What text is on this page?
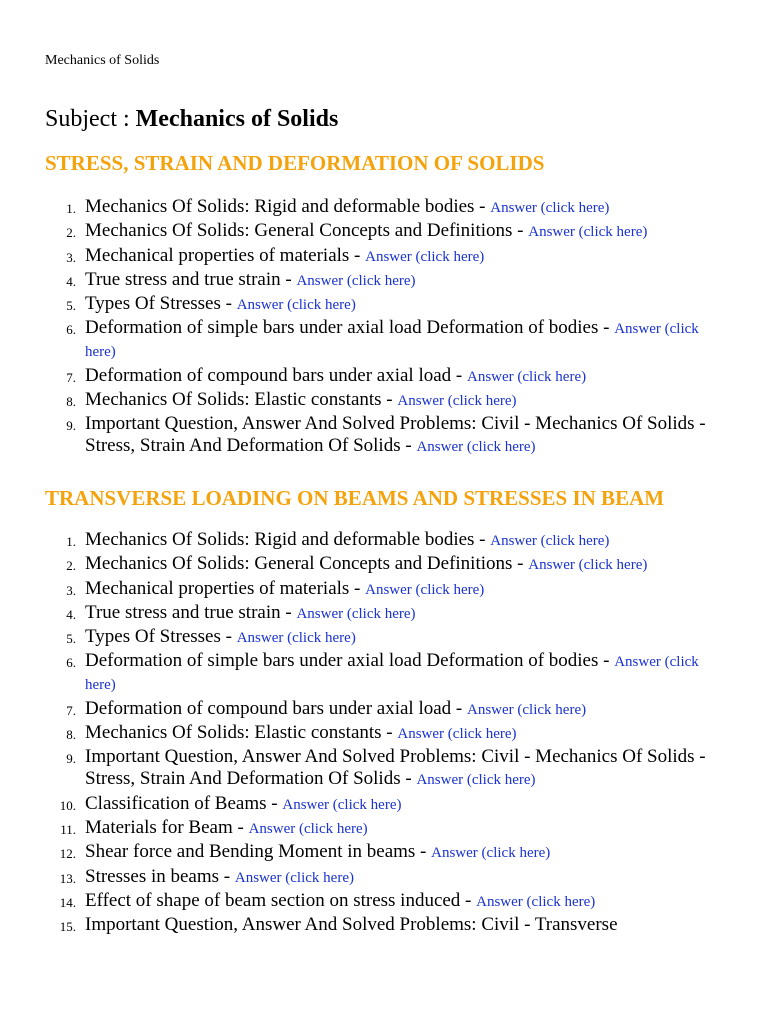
Mechanics of Solids
Subject : Mechanics of Solids
STRESS, STRAIN AND DEFORMATION OF SOLIDS
1. Mechanics Of Solids: Rigid and deformable bodies - Answer (click here)
2. Mechanics Of Solids: General Concepts and Definitions - Answer (click here)
3. Mechanical properties of materials - Answer (click here)
4. True stress and true strain - Answer (click here)
5. Types Of Stresses - Answer (click here)
6. Deformation of simple bars under axial load Deformation of bodies - Answer (click here)
7. Deformation of compound bars under axial load - Answer (click here)
8. Mechanics Of Solids: Elastic constants - Answer (click here)
9. Important Question, Answer And Solved Problems: Civil - Mechanics Of Solids - Stress, Strain And Deformation Of Solids - Answer (click here)
TRANSVERSE LOADING ON BEAMS AND STRESSES IN BEAM
1. Mechanics Of Solids: Rigid and deformable bodies - Answer (click here)
2. Mechanics Of Solids: General Concepts and Definitions - Answer (click here)
3. Mechanical properties of materials - Answer (click here)
4. True stress and true strain - Answer (click here)
5. Types Of Stresses - Answer (click here)
6. Deformation of simple bars under axial load Deformation of bodies - Answer (click here)
7. Deformation of compound bars under axial load - Answer (click here)
8. Mechanics Of Solids: Elastic constants - Answer (click here)
9. Important Question, Answer And Solved Problems: Civil - Mechanics Of Solids - Stress, Strain And Deformation Of Solids - Answer (click here)
10. Classification of Beams - Answer (click here)
11. Materials for Beam - Answer (click here)
12. Shear force and Bending Moment in beams - Answer (click here)
13. Stresses in beams - Answer (click here)
14. Effect of shape of beam section on stress induced - Answer (click here)
15. Important Question, Answer And Solved Problems: Civil - Transverse
